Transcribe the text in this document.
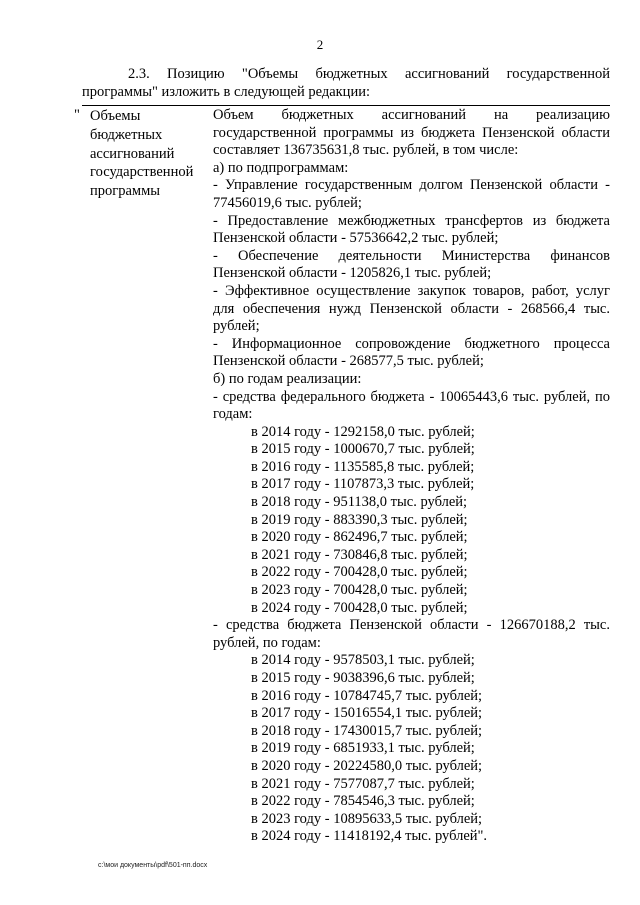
2
2.3. Позицию "Объемы бюджетных ассигнований государственной
программы" изложить в следующей редакции:
" Объемы
бюджетных
ассигнований
государственной
программы
Объем бюджетных ассигнований на реализацию государственной программы из бюджета Пензенской области составляет 136735631,8 тыс. рублей, в том числе:
а) по подпрограммам:
- Управление государственным долгом Пензенской области - 77456019,6 тыс. рублей;
- Предоставление межбюджетных трансфертов из бюджета Пензенской области - 57536642,2 тыс. рублей;
- Обеспечение деятельности Министерства финансов Пензенской области - 1205826,1 тыс. рублей;
- Эффективное осуществление закупок товаров, работ, услуг для обеспечения нужд Пензенской области - 268566,4 тыс. рублей;
- Информационное сопровождение бюджетного процесса Пензенской области - 268577,5 тыс. рублей;
б) по годам реализации:
- средства федерального бюджета - 10065443,6 тыс. рублей, по годам:
в 2014 году - 1292158,0 тыс. рублей;
в 2015 году - 1000670,7 тыс. рублей;
в 2016 году - 1135585,8 тыс. рублей;
в 2017 году - 1107873,3 тыс. рублей;
в 2018 году - 951138,0 тыс. рублей;
в 2019 году - 883390,3 тыс. рублей;
в 2020 году - 862496,7 тыс. рублей;
в 2021 году - 730846,8 тыс. рублей;
в 2022 году - 700428,0 тыс. рублей;
в 2023 году - 700428,0 тыс. рублей;
в 2024 году - 700428,0 тыс. рублей;
- средства бюджета Пензенской области - 126670188,2 тыс. рублей, по годам:
в 2014 году - 9578503,1 тыс. рублей;
в 2015 году - 9038396,6 тыс. рублей;
в 2016 году - 10784745,7 тыс. рублей;
в 2017 году - 15016554,1 тыс. рублей;
в 2018 году - 17430015,7 тыс. рублей;
в 2019 году - 6851933,1 тыс. рублей;
в 2020 году - 20224580,0 тыс. рублей;
в 2021 году - 7577087,7 тыс. рублей;
в 2022 году - 7854546,3 тыс. рублей;
в 2023 году - 10895633,5 тыс. рублей;
в 2024 году - 11418192,4 тыс. рублей".
c:\мои документы\pdf\501-пп.docx
